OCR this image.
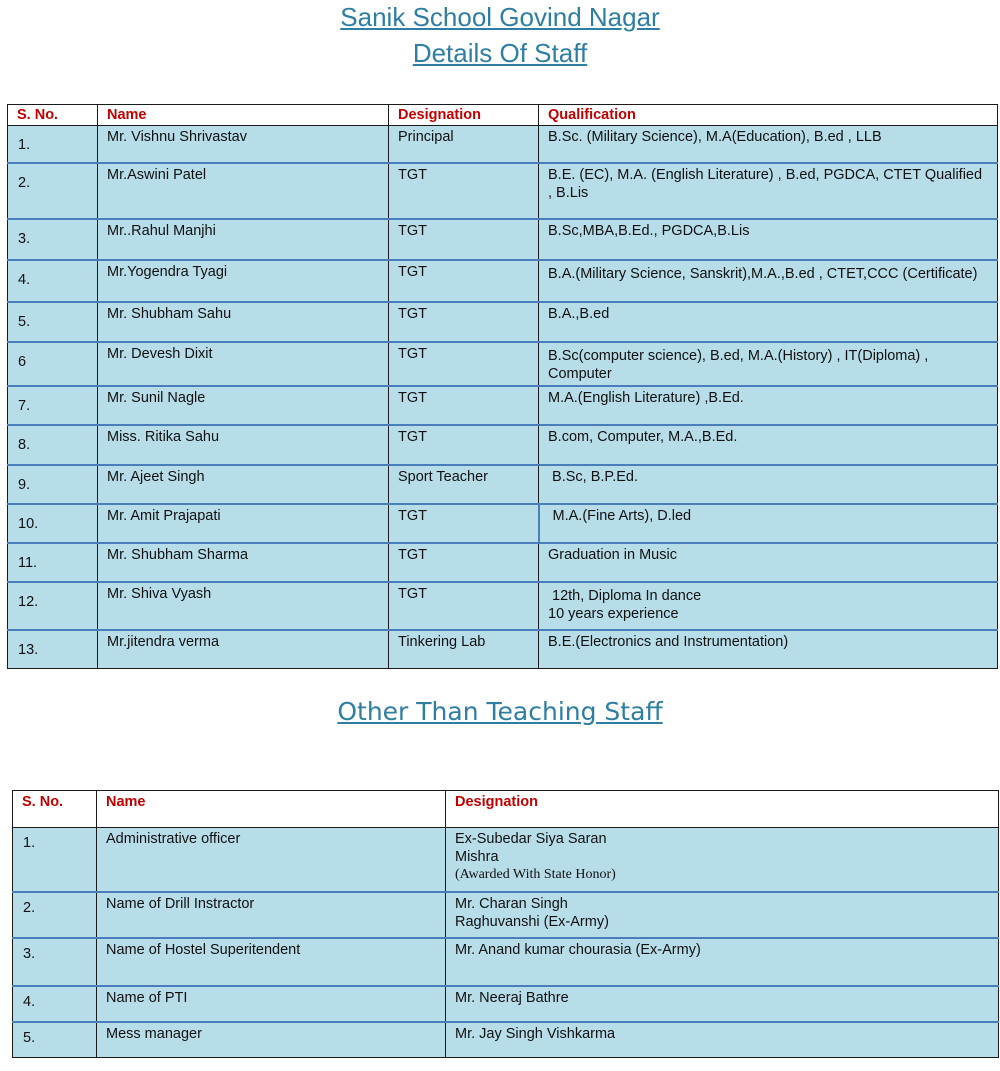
Sanik School Govind Nagar
Details Of Staff
S. No.	Name	Designation	Qualification
1.	Mr. Vishnu Shrivastav	Principal	B.Sc. (Military Science), M.A(Education), B.ed , LLB
2.	Mr.Aswini Patel	TGT	B.E. (EC), M.A. (English Literature) , B.ed, PGDCA, CTET Qualified , B.Lis
3.	Mr..Rahul Manjhi	TGT	B.Sc,MBA,B.Ed., PGDCA,B.Lis
4.	Mr.Yogendra Tyagi	TGT	B.A.(Military Science, Sanskrit),M.A.,B.ed , CTET,CCC (Certificate)
5.	Mr. Shubham Sahu	TGT	B.A.,B.ed
6	Mr. Devesh Dixit	TGT	B.Sc(computer science), B.ed, M.A.(History) , IT(Diploma) , Computer
7.	Mr. Sunil Nagle	TGT	M.A.(English Literature) ,B.Ed.
8.	Miss. Ritika Sahu	TGT	B.com, Computer, M.A.,B.Ed.
9.	Mr. Ajeet Singh	Sport Teacher	B.Sc, B.P.Ed.
10.	Mr. Amit Prajapati	TGT	M.A.(Fine Arts), D.led
11.	Mr. Shubham Sharma	TGT	Graduation in Music
12.	Mr. Shiva Vyash	TGT	12th, Diploma In dance
10 years experience

13.	Mr.jitendra verma	Tinkering Lab	B.E.(Electronics and Instrumentation)
Other Than Teaching Staff
S. No.	Name	Designation
1.	Administrative officer	Ex-Subedar Siya Saran
Mishra
(Awarded With State Honor)

2.	Name of Drill Instractor	Mr. Charan Singh
Raghuvanshi (Ex-Army)

3.	Name of Hostel Superitendent	Mr. Anand kumar chourasia (Ex-Army)
4.	Name of PTI	Mr. Neeraj Bathre
5.	Mess manager	Mr. Jay Singh Vishkarma
